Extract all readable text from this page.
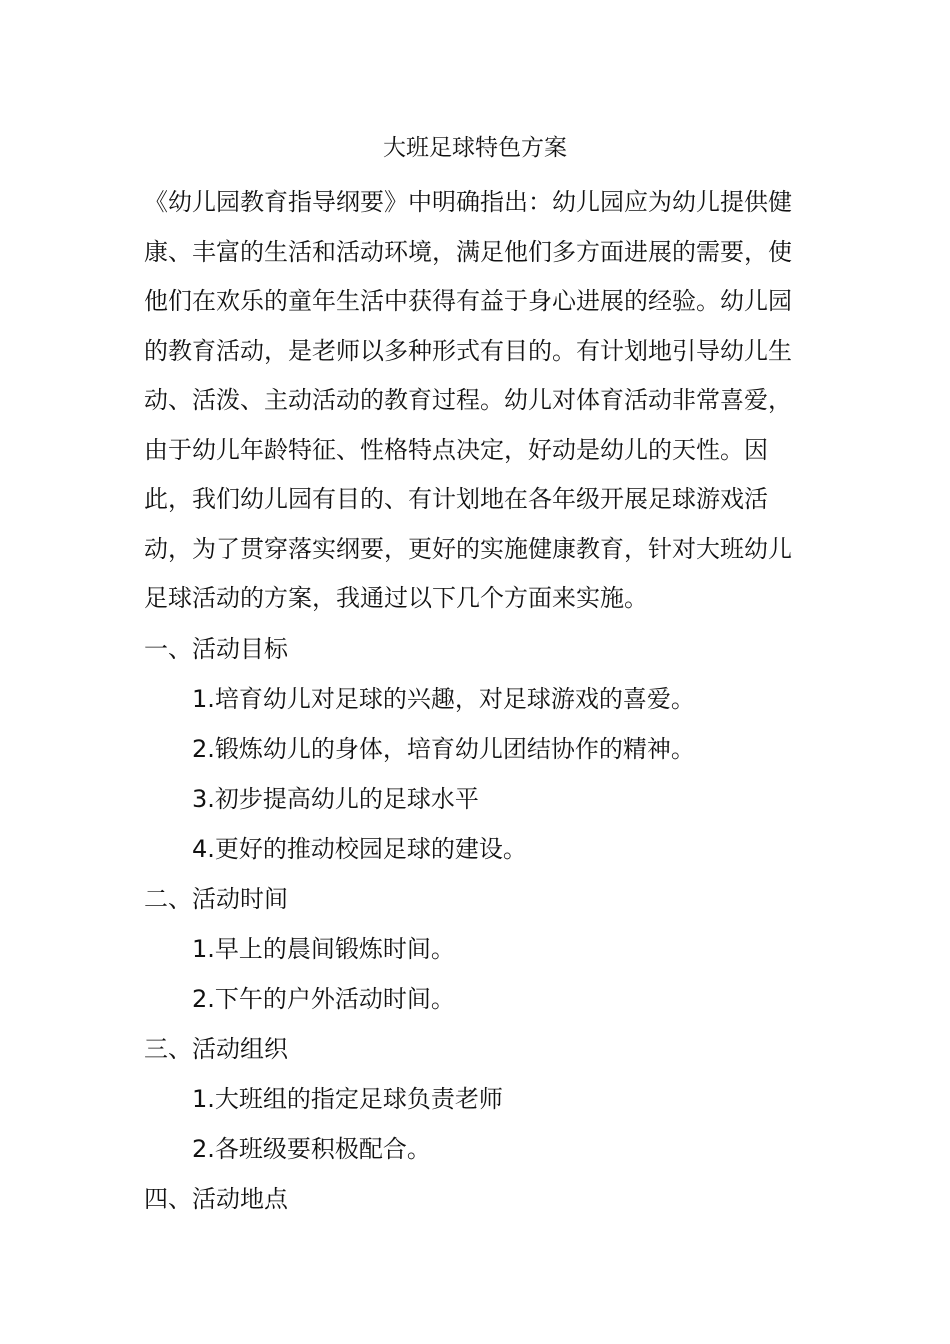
大班足球特色方案

《幼儿园教育指导纲要》中明确指出：幼儿园应为幼儿提供健康、丰富的生活和活动环境，满足他们多方面进展的需要，使他们在欢乐的童年生活中获得有益于身心进展的经验。幼儿园的教育活动，是老师以多种形式有目的。有计划地引导幼儿生动、活泼、主动活动的教育过程。幼儿对体育活动非常喜爱，由于幼儿年龄特征、性格特点决定，好动是幼儿的天性。因此，我们幼儿园有目的、有计划地在各年级开展足球游戏活动，为了贯穿落实纲要，更好的实施健康教育，针对大班幼儿足球活动的方案，我通过以下几个方面来实施。

一、活动目标

1.培育幼儿对足球的兴趣，对足球游戏的喜爱。

2.锻炼幼儿的身体，培育幼儿团结协作的精神。

3.初步提高幼儿的足球水平

4.更好的推动校园足球的建设。

二、活动时间

1.早上的晨间锻炼时间。

2.下午的户外活动时间。

三、活动组织

1.大班组的指定足球负责老师

2.各班级要积极配合。

四、活动地点
